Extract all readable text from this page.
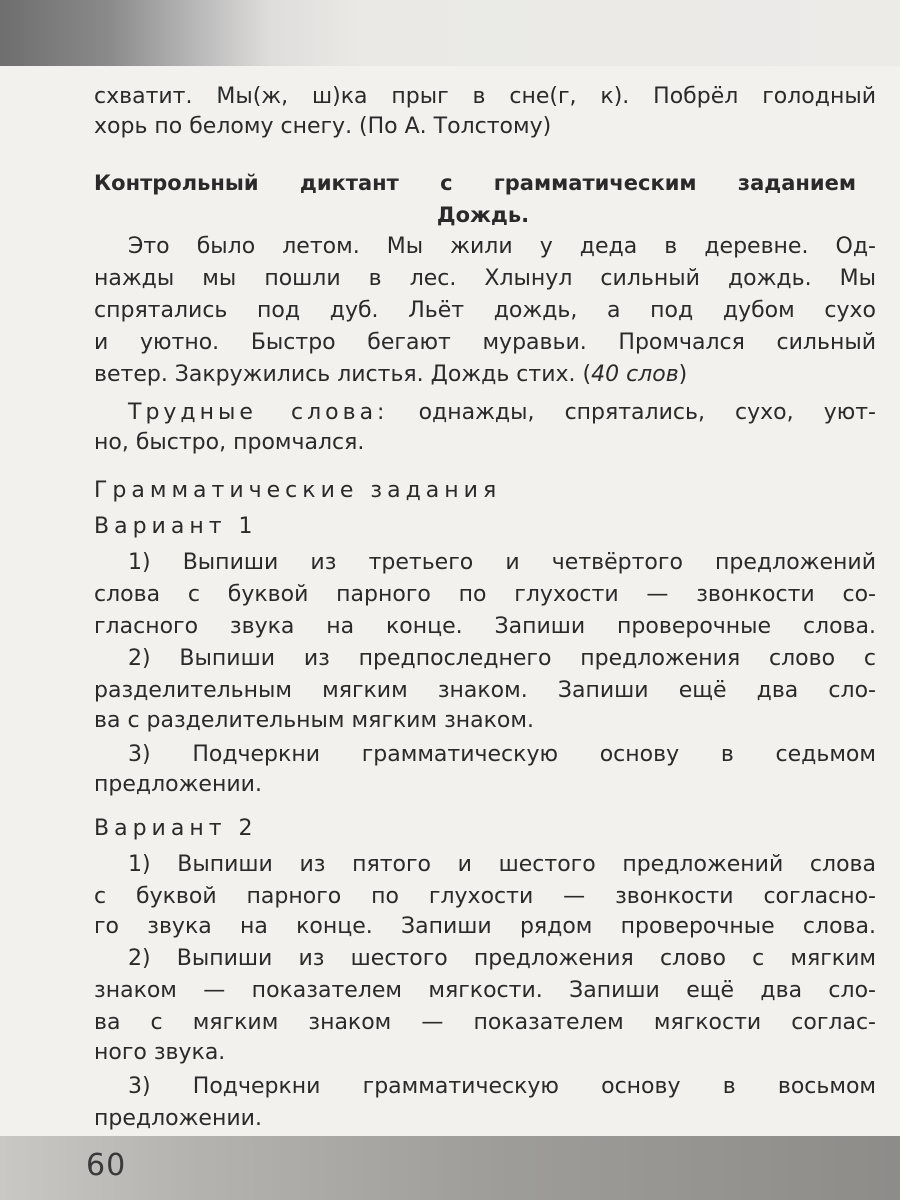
схватит. Мы(ж, ш)ка прыг в сне(г, к). Побрёл голодный
хорь по белому снегу. (По А. Толстому)
Контрольный диктант с грамматическим заданием
Дождь.
Это было летом. Мы жили у деда в деревне. Од-
нажды мы пошли в лес. Хлынул сильный дождь. Мы
спрятались под дуб. Льёт дождь, а под дубом сухо
и уютно. Быстро бегают муравьи. Промчался сильный
ветер. Закружились листья. Дождь стих. (40 слов)
Трудные слова: однажды, спрятались, сухо, уют-
но, быстро, промчался.
Грамматические задания
Вариант 1
1) Выпиши из третьего и четвёртого предложений
слова с буквой парного по глухости — звонкости со-
гласного звука на конце. Запиши проверочные слова.
2) Выпиши из предпоследнего предложения слово с
разделительным мягким знаком. Запиши ещё два сло-
ва с разделительным мягким знаком.
3) Подчеркни грамматическую основу в седьмом
предложении.
Вариант 2
1) Выпиши из пятого и шестого предложений слова
с буквой парного по глухости — звонкости согласно-
го звука на конце. Запиши рядом проверочные слова.
2) Выпиши из шестого предложения слово с мягким
знаком — показателем мягкости. Запиши ещё два сло-
ва с мягким знаком — показателем мягкости соглас-
ного звука.
3) Подчеркни грамматическую основу в восьмом
предложении.
60
